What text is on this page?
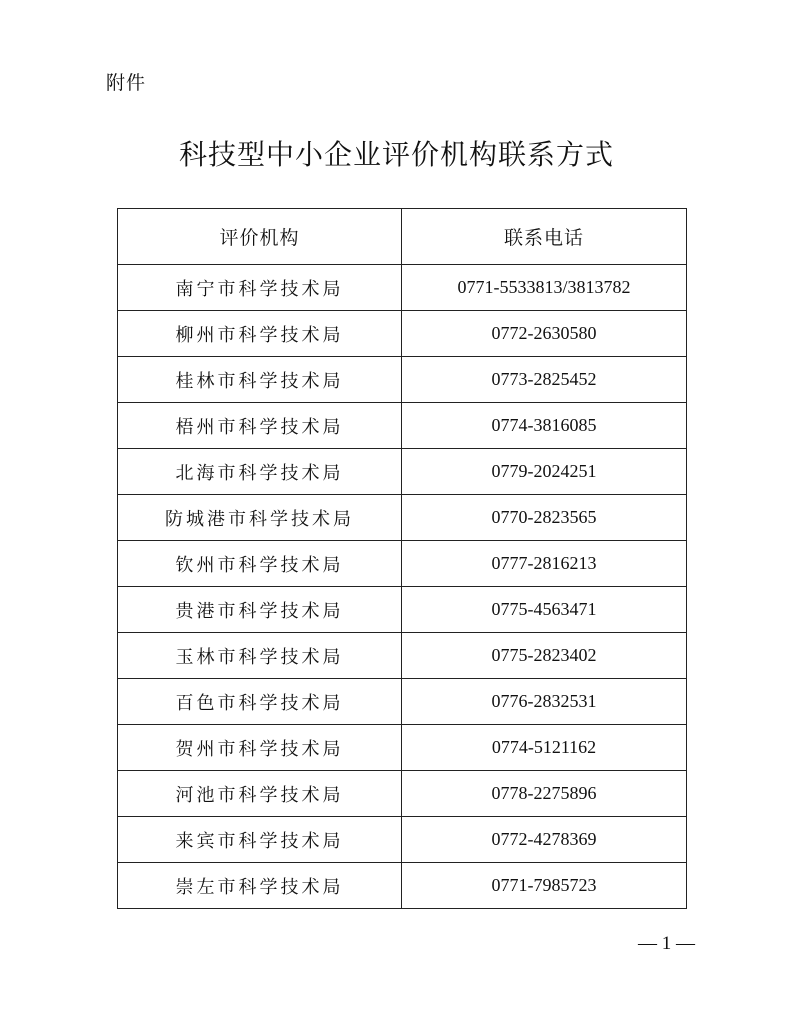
附件
科技型中小企业评价机构联系方式
评价机构	联系电话
南宁市科学技术局	0771-5533813/3813782
柳州市科学技术局	0772-2630580
桂林市科学技术局	0773-2825452
梧州市科学技术局	0774-3816085
北海市科学技术局	0779-2024251
防城港市科学技术局	0770-2823565
钦州市科学技术局	0777-2816213
贵港市科学技术局	0775-4563471
玉林市科学技术局	0775-2823402
百色市科学技术局	0776-2832531
贺州市科学技术局	0774-5121162
河池市科学技术局	0778-2275896
来宾市科学技术局	0772-4278369
崇左市科学技术局	0771-7985723
— 1 —
